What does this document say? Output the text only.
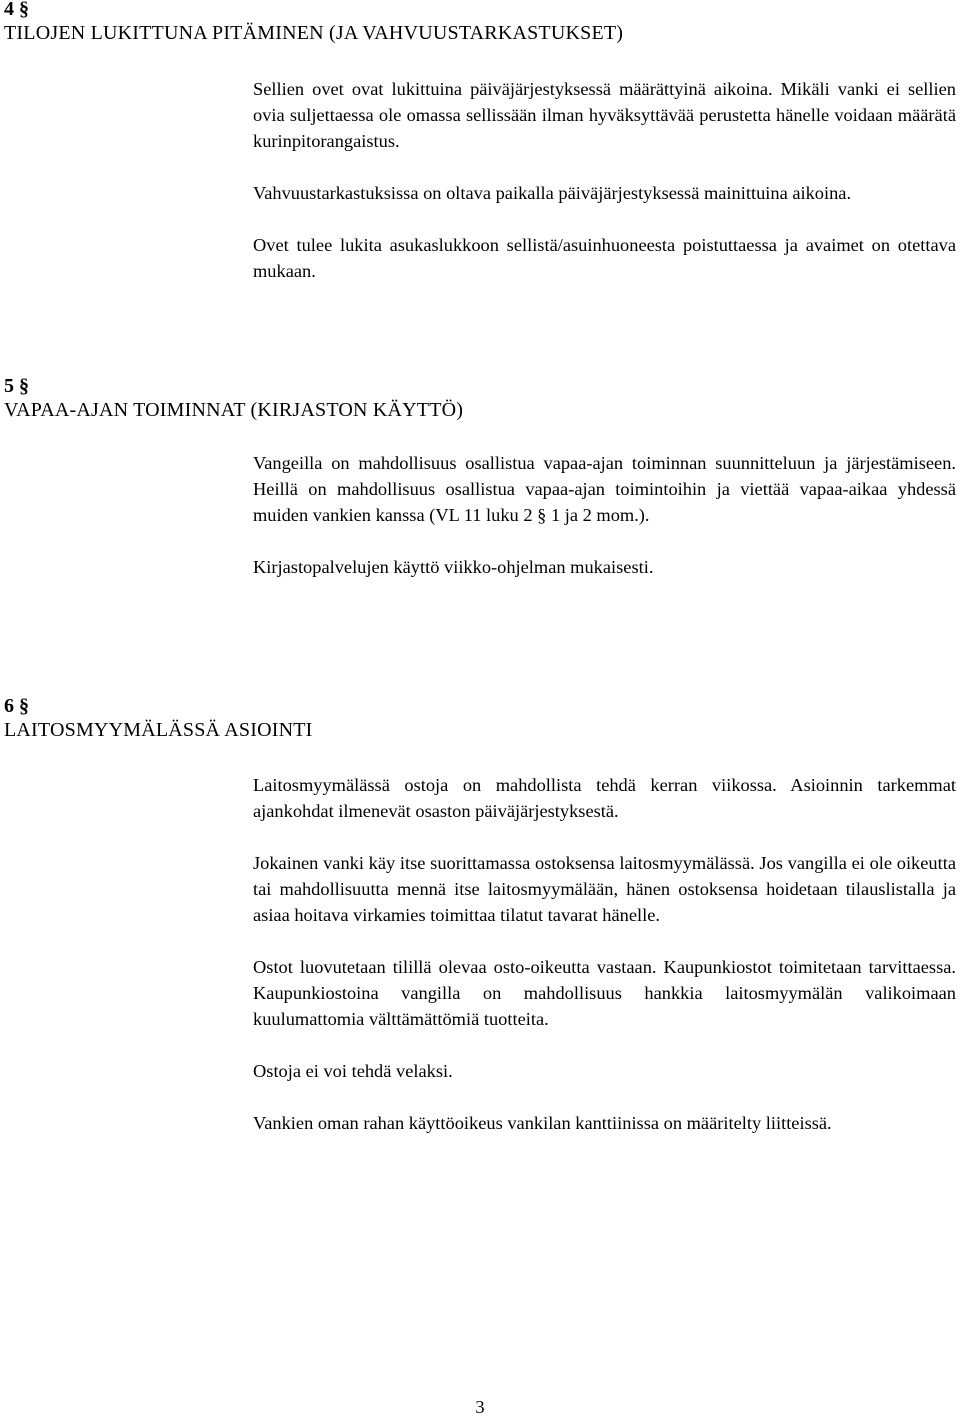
4 §

TILOJEN LUKITTUNA PITÄMINEN (JA VAHVUUSTARKASTUKSET)

Sellien ovet ovat lukittuina päiväjärjestyksessä määrättyinä aikoina. Mikäli vanki ei sellien ovia suljettaessa ole omassa sellissään ilman hyväksyttävää perustetta hänelle voidaan määrätä kurinpitorangaistus.

Vahvuustarkastuksissa on oltava paikalla päiväjärjestyksessä mainittuina aikoina.

Ovet tulee lukita asukaslukkoon sellistä/asuinhuoneesta poistuttaessa ja avaimet on otettava mukaan.

5 §

VAPAA-AJAN TOIMINNAT (KIRJASTON KÄYTTÖ)

Vangeilla on mahdollisuus osallistua vapaa-ajan toiminnan suunnitteluun ja järjestämiseen. Heillä on mahdollisuus osallistua vapaa-ajan toimintoihin ja viettää vapaa-aikaa yhdessä muiden vankien kanssa (VL 11 luku 2 § 1 ja 2 mom.).

Kirjastopalvelujen käyttö viikko-ohjelman mukaisesti.

6 §

LAITOSMYYMÄLÄSSÄ ASIOINTI

Laitosmyymälässä ostoja on mahdollista tehdä kerran viikossa. Asioinnin tarkemmat ajankohdat ilmenevät osaston päiväjärjestyksestä.

Jokainen vanki käy itse suorittamassa ostoksensa laitosmyymälässä. Jos vangilla ei ole oikeutta tai mahdollisuutta mennä itse laitosmyymälään, hänen ostoksensa hoidetaan tilauslistalla ja asiaa hoitava virkamies toimittaa tilatut tavarat hänelle.

Ostot luovutetaan tilillä olevaa osto-oikeutta vastaan. Kaupunkiostot toimitetaan tarvittaessa. Kaupunkiostoina vangilla on mahdollisuus hankkia laitosmyymälän valikoimaan kuulumattomia välttämättömiä tuotteita.

Ostoja ei voi tehdä velaksi.

Vankien oman rahan käyttöoikeus vankilan kanttiinissa on määritelty liitteissä.

3
